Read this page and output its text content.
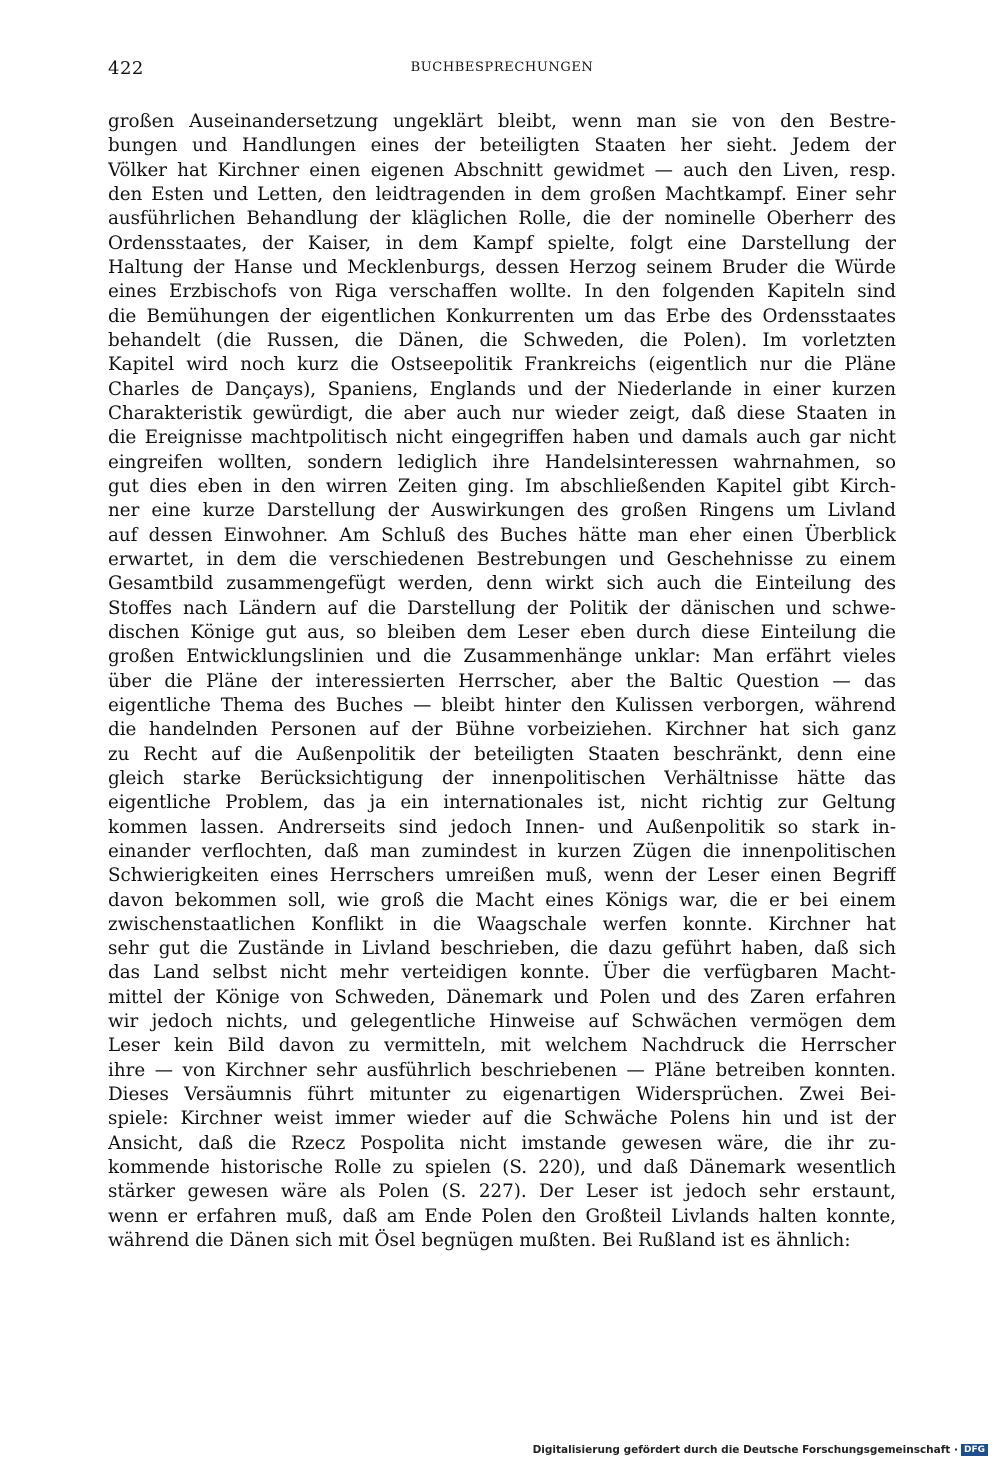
422	BUCHBESPRECHUNGEN
großen Auseinandersetzung ungeklärt bleibt, wenn man sie von den Bestre-
bungen und Handlungen eines der beteiligten Staaten her sieht. Jedem der
Völker hat Kirchner einen eigenen Abschnitt gewidmet — auch den Liven, resp.
den Esten und Letten, den leidtragenden in dem großen Machtkampf. Einer sehr
ausführlichen Behandlung der kläglichen Rolle, die der nominelle Oberherr des
Ordensstaates, der Kaiser, in dem Kampf spielte, folgt eine Darstellung der
Haltung der Hanse und Mecklenburgs, dessen Herzog seinem Bruder die Würde
eines Erzbischofs von Riga verschaffen wollte. In den folgenden Kapiteln sind
die Bemühungen der eigentlichen Konkurrenten um das Erbe des Ordensstaates
behandelt (die Russen, die Dänen, die Schweden, die Polen). Im vorletzten
Kapitel wird noch kurz die Ostseepolitik Frankreichs (eigentlich nur die Pläne
Charles de Dançays), Spaniens, Englands und der Niederlande in einer kurzen
Charakteristik gewürdigt, die aber auch nur wieder zeigt, daß diese Staaten in
die Ereignisse machtpolitisch nicht eingegriffen haben und damals auch gar nicht
eingreifen wollten, sondern lediglich ihre Handelsinteressen wahrnahmen, so
gut dies eben in den wirren Zeiten ging. Im abschließenden Kapitel gibt Kirch-
ner eine kurze Darstellung der Auswirkungen des großen Ringens um Livland
auf dessen Einwohner. Am Schluß des Buches hätte man eher einen Überblick
erwartet, in dem die verschiedenen Bestrebungen und Geschehnisse zu einem
Gesamtbild zusammengefügt werden, denn wirkt sich auch die Einteilung des
Stoffes nach Ländern auf die Darstellung der Politik der dänischen und schwe-
dischen Könige gut aus, so bleiben dem Leser eben durch diese Einteilung die
großen Entwicklungslinien und die Zusammenhänge unklar: Man erfährt vieles
über die Pläne der interessierten Herrscher, aber the Baltic Question — das
eigentliche Thema des Buches — bleibt hinter den Kulissen verborgen, während
die handelnden Personen auf der Bühne vorbeiziehen. Kirchner hat sich ganz
zu Recht auf die Außenpolitik der beteiligten Staaten beschränkt, denn eine
gleich starke Berücksichtigung der innenpolitischen Verhältnisse hätte das
eigentliche Problem, das ja ein internationales ist, nicht richtig zur Geltung
kommen lassen. Andrerseits sind jedoch Innen- und Außenpolitik so stark in-
einander verflochten, daß man zumindest in kurzen Zügen die innenpolitischen
Schwierigkeiten eines Herrschers umreißen muß, wenn der Leser einen Begriff
davon bekommen soll, wie groß die Macht eines Königs war, die er bei einem
zwischenstaatlichen Konflikt in die Waagschale werfen konnte. Kirchner hat
sehr gut die Zustände in Livland beschrieben, die dazu geführt haben, daß sich
das Land selbst nicht mehr verteidigen konnte. Über die verfügbaren Macht-
mittel der Könige von Schweden, Dänemark und Polen und des Zaren erfahren
wir jedoch nichts, und gelegentliche Hinweise auf Schwächen vermögen dem
Leser kein Bild davon zu vermitteln, mit welchem Nachdruck die Herrscher
ihre — von Kirchner sehr ausführlich beschriebenen — Pläne betreiben konnten.
Dieses Versäumnis führt mitunter zu eigenartigen Widersprüchen. Zwei Bei-
spiele: Kirchner weist immer wieder auf die Schwäche Polens hin und ist der
Ansicht, daß die Rzecz Pospolita nicht imstande gewesen wäre, die ihr zu-
kommende historische Rolle zu spielen (S. 220), und daß Dänemark wesentlich
stärker gewesen wäre als Polen (S. 227). Der Leser ist jedoch sehr erstaunt,
wenn er erfahren muß, daß am Ende Polen den Großteil Livlands halten konnte,
während die Dänen sich mit Ösel begnügen mußten. Bei Rußland ist es ähnlich:
Digitalisierung gefördert durch die Deutsche Forschungsgemeinschaft · DFG
